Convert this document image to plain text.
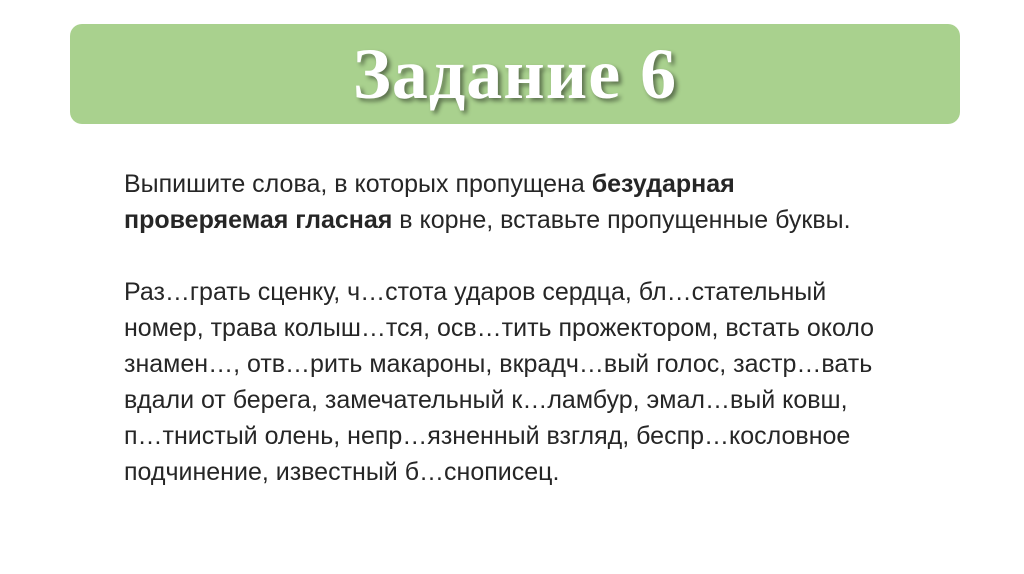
Задание 6

Выпишите слова, в которых пропущена безударная
проверяемая гласная в корне, вставьте пропущенные буквы.

Раз…грать сценку, ч…стота ударов сердца, бл…стательный
номер, трава колыш…тся, осв…тить прожектором, встать около
знамен…, отв…рить макароны, вкрадч…вый голос, застр…вать
вдали от берега, замечательный к…ламбур, эмал…вый ковш,
п…тнистый олень, непр…язненный взгляд, беспр…кословное
подчинение, известный б…снописец.
